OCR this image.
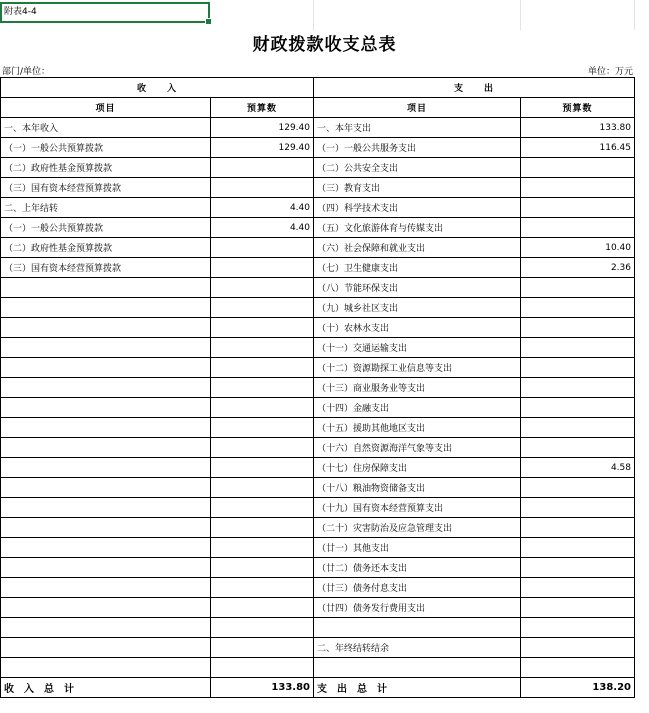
附表4-4
财政拨款收支总表
部门/单位：	单位：万元
收　　入		支　　出	
项目	预算数	项目	预算数
一、本年收入	129.40	一、本年支出	133.80
（一）一般公共预算拨款	129.40	（一）一般公共服务支出	116.45
（二）政府性基金预算拨款		（二）公共安全支出	
（三）国有资本经营预算拨款		（三）教育支出	
二、上年结转	4.40	（四）科学技术支出	
（一）一般公共预算拨款	4.40	（五）文化旅游体育与传媒支出	
（二）政府性基金预算拨款		（六）社会保障和就业支出	10.40
（三）国有资本经营预算拨款		（七）卫生健康支出	2.36
		（八）节能环保支出	
		（九）城乡社区支出	
		（十）农林水支出	
		（十一）交通运输支出	
		（十二）资源勘探工业信息等支出	
		（十三）商业服务业等支出	
		（十四）金融支出	
		（十五）援助其他地区支出	
		（十六）自然资源海洋气象等支出	
		（十七）住房保障支出	4.58
		（十八）粮油物资储备支出	
		（十九）国有资本经营预算支出	
		（二十）灾害防治及应急管理支出	
		（廿一）其他支出	
		（廿二）债务还本支出	
		（廿三）债务付息支出	
		（廿四）债务发行费用支出	

		二、年终结转结余	

收　入　总　计	133.80	支　出　总　计	138.20
